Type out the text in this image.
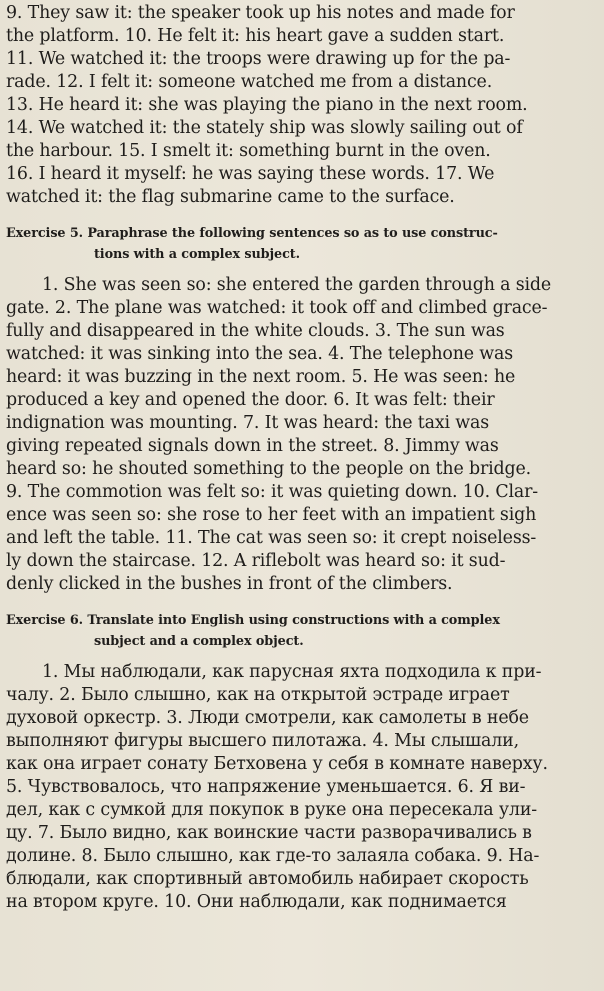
9. They saw it: the speaker took up his notes and made for
the platform. 10. He felt it: his heart gave a sudden start.
11. We watched it: the troops were drawing up for the pa-
rade. 12. I felt it: someone watched me from a distance.
13. He heard it: she was playing the piano in the next room.
14. We watched it: the stately ship was slowly sailing out of
the harbour. 15. I smelt it: something burnt in the oven.
16. I heard it myself: he was saying these words. 17. We
watched it: the flag submarine came to the surface.
Exercise 5. Paraphrase the following sentences so as to use construc-
tions with a complex subject.
1. She was seen so: she entered the garden through a side
gate. 2. The plane was watched: it took off and climbed grace-
fully and disappeared in the white clouds. 3. The sun was
watched: it was sinking into the sea. 4. The telephone was
heard: it was buzzing in the next room. 5. He was seen: he
produced a key and opened the door. 6. It was felt: their
indignation was mounting. 7. It was heard: the taxi was
giving repeated signals down in the street. 8. Jimmy was
heard so: he shouted something to the people on the bridge.
9. The commotion was felt so: it was quieting down. 10. Clar-
ence was seen so: she rose to her feet with an impatient sigh
and left the table. 11. The cat was seen so: it crept noiseless-
ly down the staircase. 12. A riflebolt was heard so: it sud-
denly clicked in the bushes in front of the climbers.
Exercise 6. Translate into English using constructions with a complex
subject and a complex object.
1. Мы наблюдали, как парусная яхта подходила к при-
чалу. 2. Было слышно, как на открытой эстраде играет
духовой оркестр. 3. Люди смотрели, как самолеты в небе
выполняют фигуры высшего пилотажа. 4. Мы слышали,
как она играет сонату Бетховена у себя в комнате наверху.
5. Чувствовалось, что напряжение уменьшается. 6. Я ви-
дел, как с сумкой для покупок в руке она пересекала ули-
цу. 7. Было видно, как воинские части разворачивались в
долине. 8. Было слышно, как где-то залаяла собака. 9. На-
блюдали, как спортивный автомобиль набирает скорость
на втором круге. 10. Они наблюдали, как поднимается
